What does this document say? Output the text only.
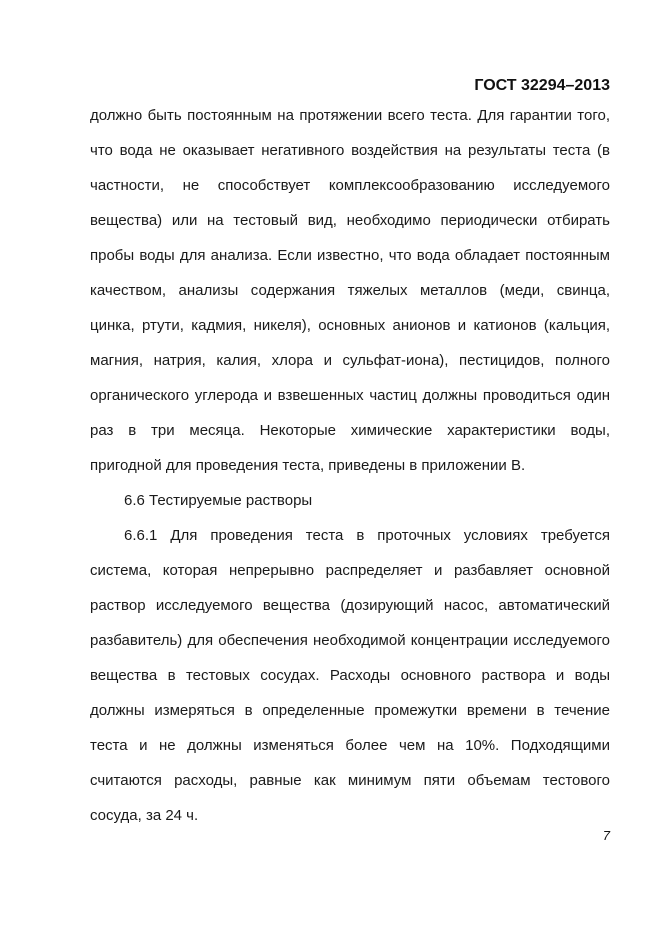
ГОСТ 32294–2013
должно быть постоянным на протяжении всего теста. Для гарантии того,
что вода не оказывает негативного воздействия на результаты теста (в
частности, не способствует комплексообразованию исследуемого
вещества) или на тестовый вид, необходимо периодически отбирать
пробы воды для анализа. Если известно, что вода обладает постоянным
качеством, анализы содержания тяжелых металлов (меди, свинца,
цинка, ртути, кадмия, никеля), основных анионов и катионов (кальция,
магния, натрия, калия, хлора и сульфат-иона), пестицидов, полного
органического углерода и взвешенных частиц должны проводиться один
раз в три месяца. Некоторые химические характеристики воды,
пригодной для проведения теста, приведены в приложении В.
6.6 Тестируемые растворы
6.6.1 Для проведения теста в проточных условиях требуется
система, которая непрерывно распределяет и разбавляет основной
раствор исследуемого вещества (дозирующий насос, автоматический
разбавитель) для обеспечения необходимой концентрации исследуемого
вещества в тестовых сосудах. Расходы основного раствора и воды
должны измеряться в определенные промежутки времени в течение
теста и не должны изменяться более чем на 10%. Подходящими
считаются расходы, равные как минимум пяти объемам тестового
сосуда, за 24 ч.
7
